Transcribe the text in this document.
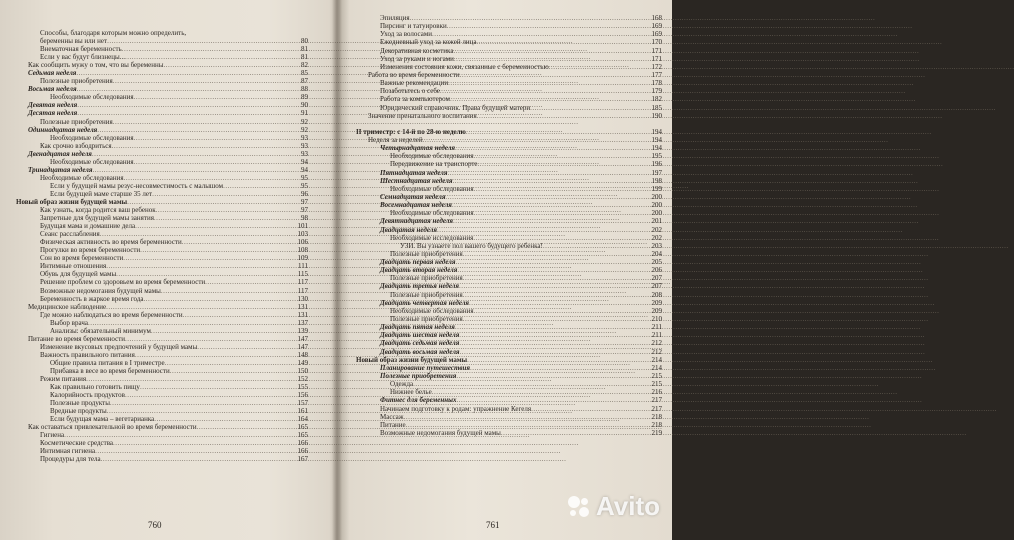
Способы, благодаря которым можно определить,
беременны вы или нет .....	80
Внематочная беременность .....	81
Если у вас будут близнецы... .....	81
Как сообщить мужу о том, что вы беременны .....	82
Седьмая неделя .....	85
Полезные приобретения .....	87
Восьмая неделя .....	88
Необходимые обследования .....	89
Девятая неделя .....	90
Десятая неделя .....	91
Полезные приобретения .....	92
Одиннадцатая неделя .....	92
Необходимые обследования .....	93
Как срочно взбодриться .....	93
Двенадцатая неделя .....	93
Необходимые обследования .....	94
Тринадцатая неделя .....	94
Необходимые обследования .....	95
Если у будущей мамы резус-несовместимость с малышом .....	95
Если будущей маме старше 35 лет .....	96
Новый образ жизни будущей мамы .....	97
Как узнать, когда родится ваш ребенок .....	97
Запретные для будущей мамы занятия .....	98
Будущая мама и домашние дела .....	101
Сеанс расслабления .....	103
Физическая активность во время беременности .....	106
Прогулки во время беременности .....	108
Сон во время беременности .....	109
Интимные отношения .....	111
Обувь для будущей мамы .....	115
Решение проблем со здоровьем во время беременности .....	117
Возможные недомогания будущей мамы .....	117
Беременность в жаркое время года .....	130
Медицинское наблюдение .....	131
Где можно наблюдаться во время беременности .....	131
Выбор врача .....	137
Анализы: обязательный минимум .....	139
Питание во время беременности .....	147
Изменение вкусовых предпочтений у будущей мамы .....	147
Важность правильного питания .....	148
Общие правила питания в I триместре .....	149
Прибавка в весе во время беременности .....	150
Режим питания .....	152
Как правильно готовить пищу .....	155
Калорийность продуктов .....	156
Полезные продукты .....	157
Вредные продукты .....	161
Если будущая мама – вегетарианка .....	164
Как оставаться привлекательной во время беременности .....	165
Гигиена .....	165
Косметические средства .....	166
Интимная гигиена .....	166
Процедуры для тела .....	167
760
Эпиляция .....	168
Пирсинг и татуировки .....	169
Уход за волосами .....	169
Ежедневный уход за кожей лица .....	170
Декоративная косметика .....	171
Уход за руками и ногами .....	171
Изменения состояния кожи, связанные с беременностью .....	172
Работа во время беременности .....	177
Важные рекомендации .....	178
Позаботьтесь о себе .....	179
Работа за компьютером .....	182
Юридический справочник. Права будущей матери .....	185
Значение пренатального воспитания .....	190
II триместр: с 14-й по 28-ю неделю .....	194
Неделя за неделей .....	194
Четырнадцатая неделя .....	194
Необходимые обследования .....	195
Передвижение на транспорте .....	196
Пятнадцатая неделя .....	197
Шестнадцатая неделя .....	198
Необходимые обследования .....	199
Семнадцатая неделя .....	200
Восемнадцатая неделя .....	200
Необходимые обследования .....	200
Девятнадцатая неделя .....	201
Двадцатая неделя .....	202
Необходимые исследования .....	202
УЗИ. Вы узнаете пол вашего будущего ребенка! .....	203
Полезные приобретения .....	204
Двадцать первая неделя .....	205
Двадцать вторая неделя .....	206
Полезные приобретения .....	207
Двадцать третья неделя .....	207
Полезные приобретения .....	208
Двадцать четвертая неделя .....	209
Необходимые обследования .....	209
Полезные приобретения .....	210
Двадцать пятая неделя .....	211
Двадцать шестая неделя .....	211
Двадцать седьмая неделя .....	212
Двадцать восьмая неделя .....	212
Новый образ жизни будущей мамы .....	214
Планирование путешествия .....	214
Полезные приобретения .....	215
Одежда .....	215
Нижнее белье .....	216
Фитнес для беременных .....	217
Начинаем подготовку к родам: упражнение Кегеля .....	217
Массаж .....	218
Питание .....	218
Возможные недомогания будущей мамы .....	219
761
Avito
